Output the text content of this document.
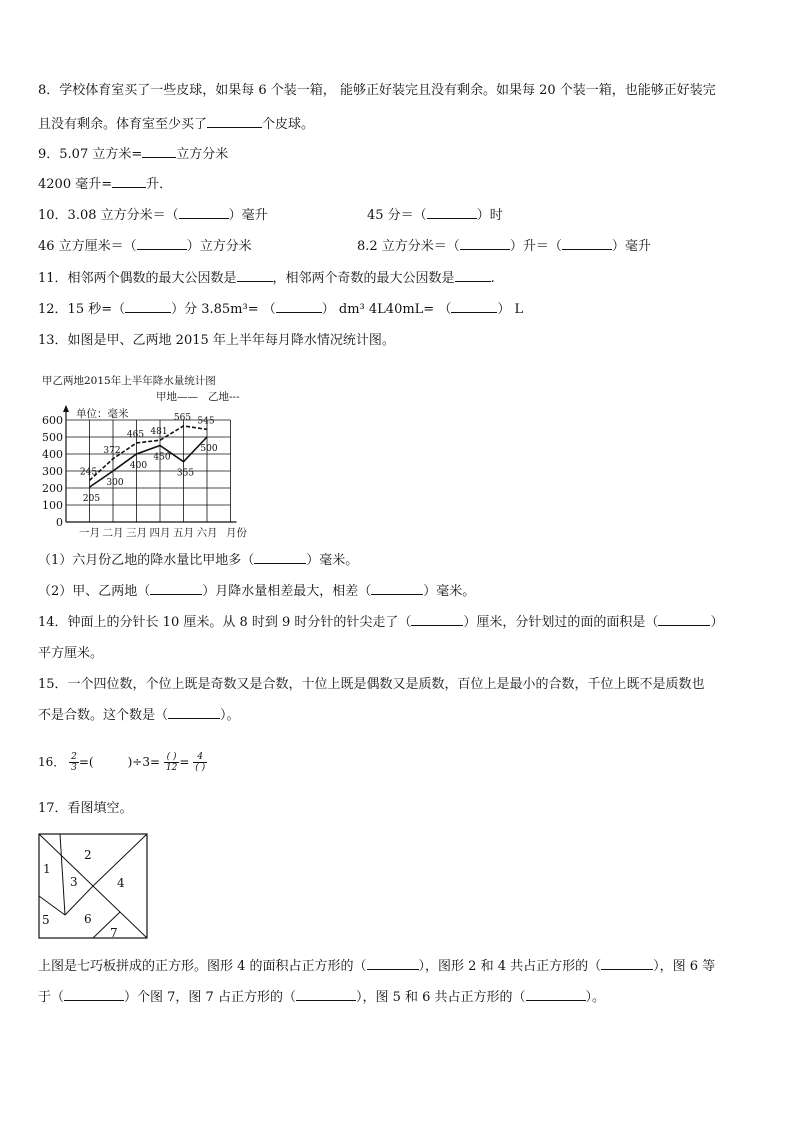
8．学校体育室买了一些皮球，如果每 6 个装一箱， 能够正好装完且没有剩余。如果每 20 个装一箱，也能够正好装完
且没有剩余。体育室至少买了	个皮球。
9．5.07 立方米=	立方分米
4200 毫升=	升．
10．3.08 立方分米＝（	）毫升	45 分＝（	）时
46 立方厘米＝（	）立方分米	8.2 立方分米＝（	）升＝（	）毫升
11．相邻两个偶数的最大公因数是	，相邻两个奇数的最大公因数是	.
12．15 秒=（	）分 3.85m³= （	） dm³ 4L40mL= （	） L
13．如图是甲、乙两地 2015 年上半年每月降水情况统计图。
甲乙两地2015年上半年降水量统计图
甲地—— 乙地---
单位：毫米
600
500
400
300
200
100
0
一月 二月 三月 四月 五月 六月
205
300
400
450
355
500
245
372
465 481
565 545
月份
（1）六月份乙地的降水量比甲地多（	）毫米。
（2）甲、乙两地（	）月降水量相差最大，相差（	）毫米。
14．钟面上的分针长 10 厘米。从 8 时到 9 时分针的针尖走了（	）厘米，分针划过的面的面积是（	）
平方厘米。
15．一个四位数，个位上既是奇数又是合数，十位上既是偶数又是质数，百位上是最小的合数，千位上既不是质数也
不是合数。这个数是（	）。
16． $\frac{2}{3}$ =(	)$\div 3= \frac{( )}{12} = \frac{4}{( )}$
17．看图填空。
1
2
3	4
5	6
7
上图是七巧板拼成的正方形。图形 4 的面积占正方形的（	），图形 2 和 4 共占正方形的（	），图 6 等
于（	）个图 7，图 7 占正方形的（	），图 5 和 6 共占正方形的（	）。
